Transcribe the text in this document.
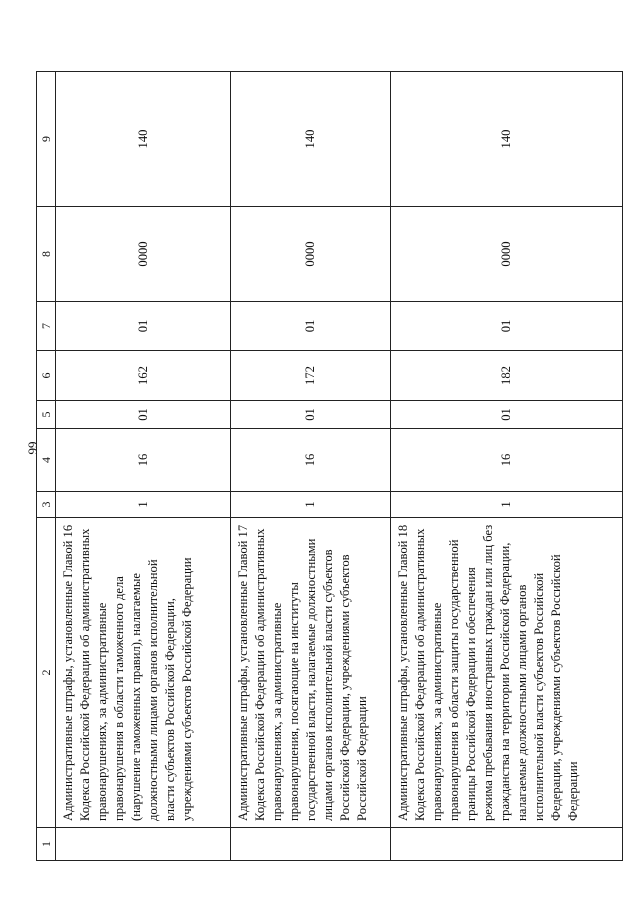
99
1	2	3	4	5	6	7	8	9
	Административные штрафы, установленные Главой 16 Кодекса Российской Федерации об административных правонарушениях, за административные правонарушения в области таможенного дела (нарушение таможенных правил), налагаемые должностными лицами органов исполнительной власти субъектов Российской Федерации, учреждениями субъектов Российской Федерации	1	16	01	162	01	0000	140
	Административные штрафы, установленные Главой 17 Кодекса Российской Федерации об административных правонарушениях, за административные правонарушения, посягающие на институты государственной власти, налагаемые должностными лицами органов исполнительной власти субъектов Российской Федерации, учреждениями субъектов Российской Федерации	1	16	01	172	01	0000	140
	Административные штрафы, установленные Главой 18 Кодекса Российской Федерации об административных правонарушениях, за административные правонарушения в области защиты государственной границы Российской Федерации и обеспечения режима пребывания иностранных граждан или лиц без гражданства на территории Российской Федерации, налагаемые должностными лицами органов исполнительной власти субъектов Российской Федерации, учреждениями субъектов Российской Федерации	1	16	01	182	01	0000	140
